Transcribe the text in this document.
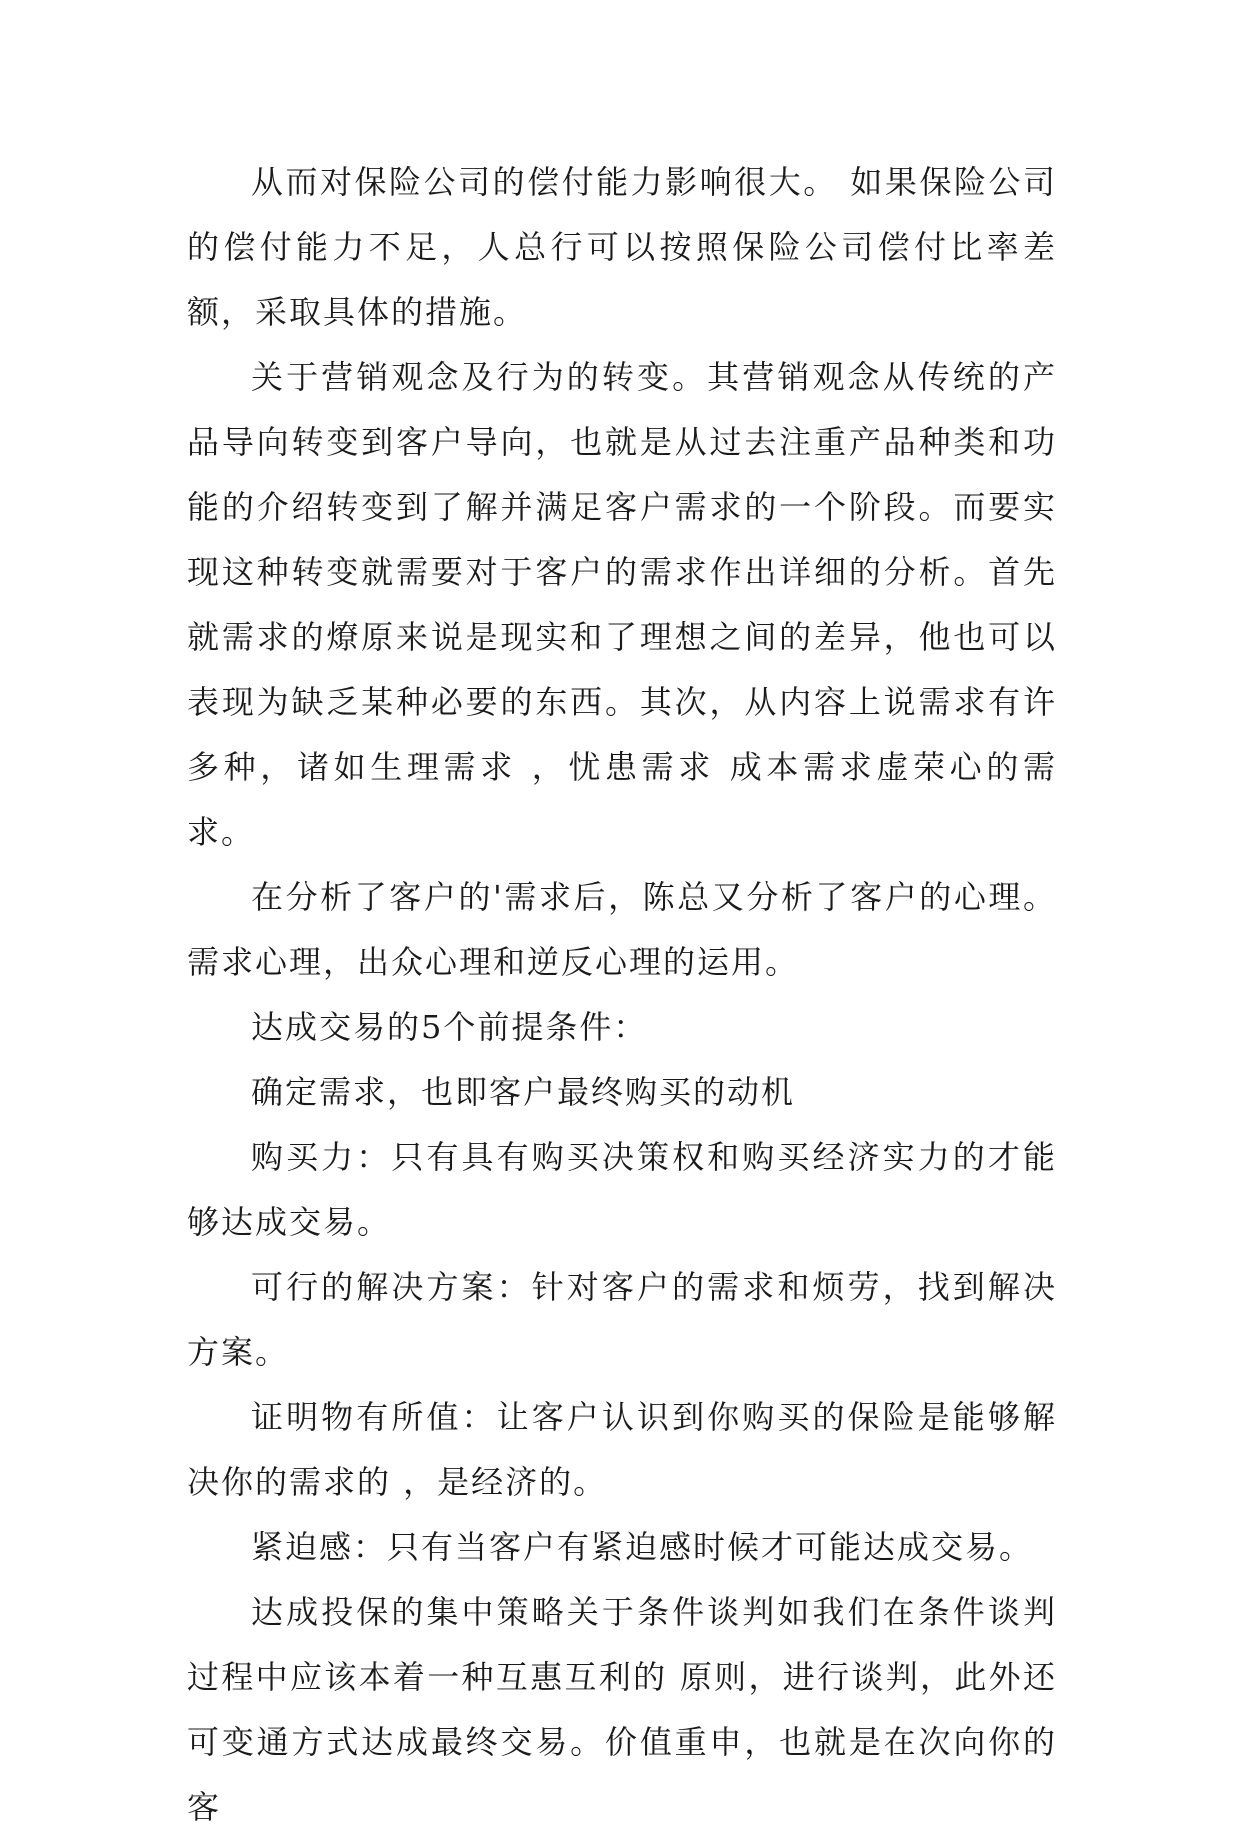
从而对保险公司的偿付能力影响很大。 如果保险公司的偿付能力不足，人总行可以按照保险公司偿付比率差额，采取具体的措施。

关于营销观念及行为的转变。其营销观念从传统的产品导向转变到客户导向，也就是从过去注重产品种类和功能的介绍转变到了解并满足客户需求的一个阶段。而要实现这种转变就需要对于客户的需求作出详细的分析。首先就需求的燎原来说是现实和了理想之间的差异，他也可以表现为缺乏某种必要的东西。其次，从内容上说需求有许多种，诸如生理需求 ，忧患需求 成本需求虚荣心的需求。

在分析了客户的'需求后，陈总又分析了客户的心理。需求心理，出众心理和逆反心理的运用。

达成交易的5个前提条件：

确定需求，也即客户最终购买的动机

购买力：只有具有购买决策权和购买经济实力的才能够达成交易。

可行的解决方案：针对客户的需求和烦劳，找到解决方案。

证明物有所值：让客户认识到你购买的保险是能够解决你的需求的 ，是经济的。

紧迫感：只有当客户有紧迫感时候才可能达成交易。

达成投保的集中策略关于条件谈判如我们在条件谈判过程中应该本着一种互惠互利的 原则，进行谈判，此外还可变通方式达成最终交易。价值重申，也就是在次向你的客
